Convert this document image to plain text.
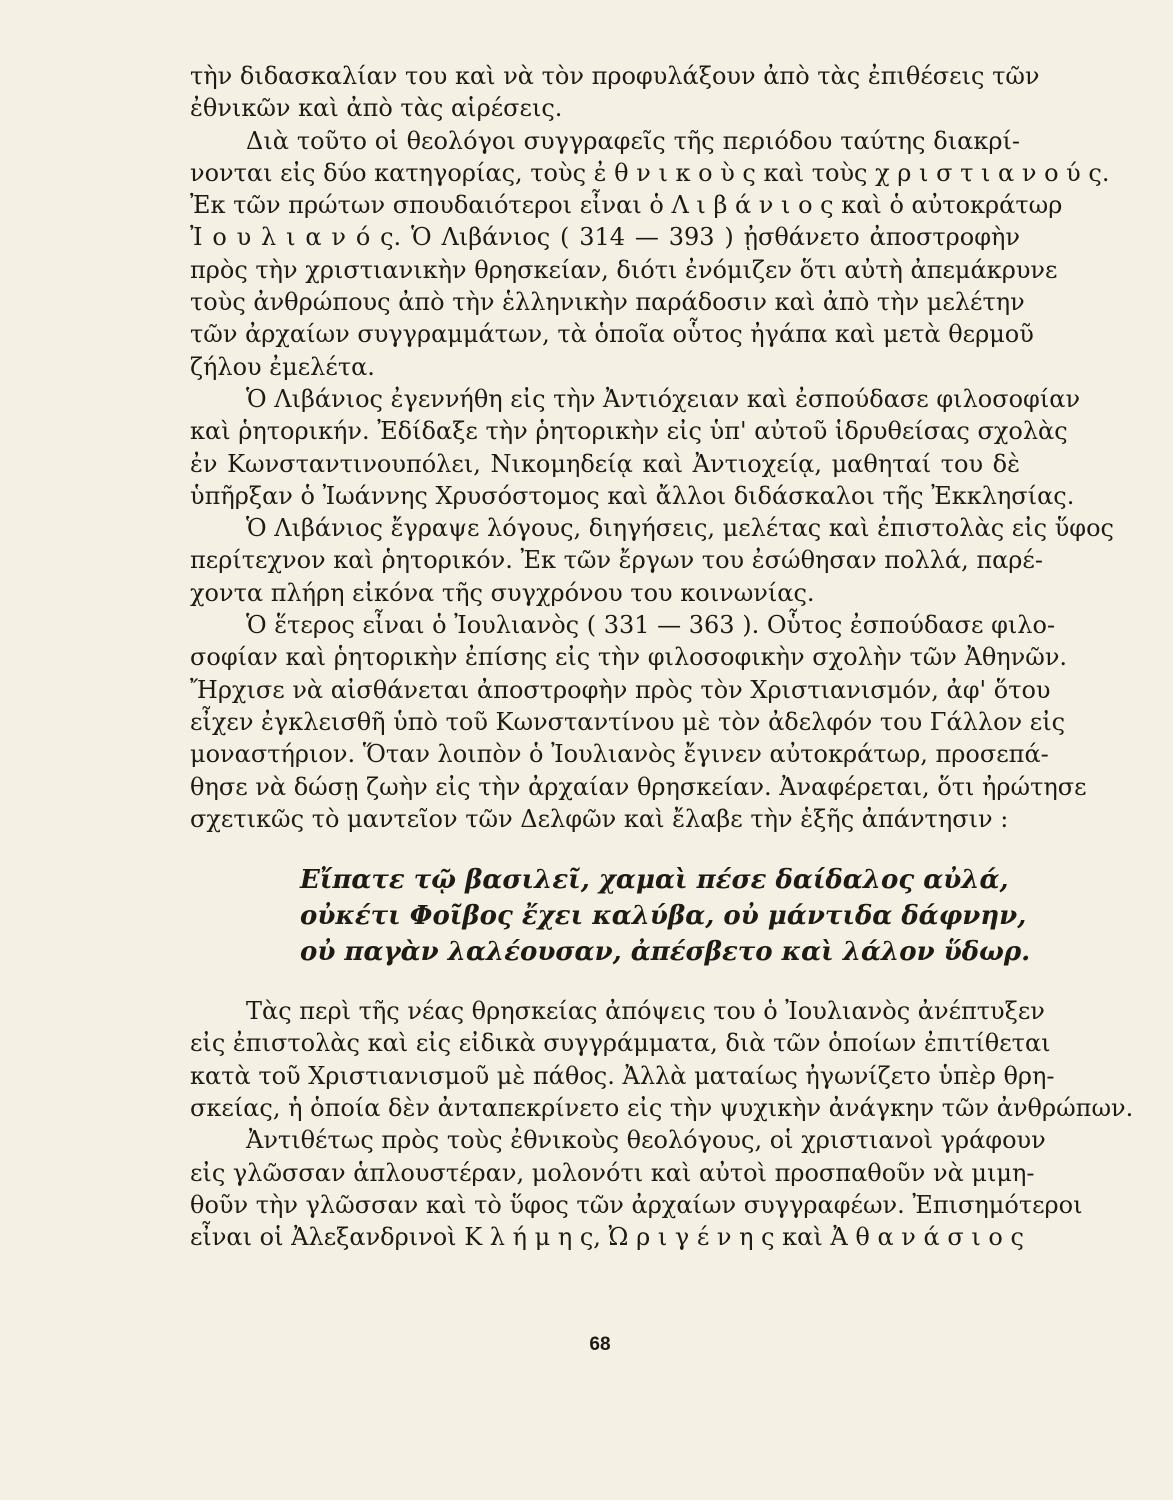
τὴν διδασκαλίαν του καὶ νὰ τὸν προφυλάξουν ἀπὸ τὰς ἐπιθέσεις τῶν
ἐθνικῶν καὶ ἀπὸ τὰς αἱρέσεις.
Διὰ τοῦτο οἱ θεολόγοι συγγραφεῖς τῆς περιόδου ταύτης διακρί-
νονται εἰς δύο κατηγορίας, τοὺς ἐ θ ν ι κ ο ὺ ς καὶ τοὺς χ ρ ι σ τ ι α ν ο ύ ς.
Ἐκ τῶν πρώτων σπουδαιότεροι εἶναι ὁ Λ ι β ά ν ι ο ς καὶ ὁ αὐτοκράτωρ
Ἰ ο υ λ ι α ν ό ς. Ὁ Λιβάνιος ( 314 — 393 ) ᾐσθάνετο ἀποστροφὴν
πρὸς τὴν χριστιανικὴν θρησκείαν, διότι ἐνόμιζεν ὅτι αὐτὴ ἀπεμάκρυνε
τοὺς ἀνθρώπους ἀπὸ τὴν ἑλληνικὴν παράδοσιν καὶ ἀπὸ τὴν μελέτην
τῶν ἀρχαίων συγγραμμάτων, τὰ ὁποῖα οὗτος ἠγάπα καὶ μετὰ θερμοῦ
ζήλου ἐμελέτα.
Ὁ Λιβάνιος ἐγεννήθη εἰς τὴν Ἀντιόχειαν καὶ ἐσπούδασε φιλοσοφίαν
καὶ ῥητορικήν. Ἐδίδαξε τὴν ῥητορικὴν εἰς ὑπ' αὐτοῦ ἱδρυθείσας σχολὰς
ἐν Κωνσταντινουπόλει, Νικομηδείᾳ καὶ Ἀντιοχείᾳ, μαθηταί του δὲ
ὑπῆρξαν ὁ Ἰωάννης Χρυσόστομος καὶ ἄλλοι διδάσκαλοι τῆς Ἐκκλησίας.
Ὁ Λιβάνιος ἔγραψε λόγους, διηγήσεις, μελέτας καὶ ἐπιστολὰς εἰς ὕφος
περίτεχνον καὶ ῥητορικόν. Ἐκ τῶν ἔργων του ἐσώθησαν πολλά, παρέ-
χοντα πλήρη εἰκόνα τῆς συγχρόνου του κοινωνίας.
Ὁ ἕτερος εἶναι ὁ Ἰουλιανὸς ( 331 — 363 ). Οὗτος ἐσπούδασε φιλο-
σοφίαν καὶ ῥητορικὴν ἐπίσης εἰς τὴν φιλοσοφικὴν σχολὴν τῶν Ἀθηνῶν.
Ἤρχισε νὰ αἰσθάνεται ἀποστροφὴν πρὸς τὸν Χριστιανισμόν, ἀφ' ὅτου
εἶχεν ἐγκλεισθῆ ὑπὸ τοῦ Κωνσταντίνου μὲ τὸν ἀδελφόν του Γάλλον εἰς
μοναστήριον. Ὅταν λοιπὸν ὁ Ἰουλιανὸς ἔγινεν αὐτοκράτωρ, προσεπά-
θησε νὰ δώσῃ ζωὴν εἰς τὴν ἀρχαίαν θρησκείαν. Ἀναφέρεται, ὅτι ἠρώτησε
σχετικῶς τὸ μαντεῖον τῶν Δελφῶν καὶ ἔλαβε τὴν ἑξῆς ἀπάντησιν :
Εἴπατε τῷ βασιλεῖ, χαμαὶ πέσε δαίδαλος αὐλά,
οὐκέτι Φοῖβος ἔχει καλύβα, οὐ μάντιδα δάφνην,
οὐ παγὰν λαλέουσαν, ἀπέσβετο καὶ λάλον ὕδωρ.
Τὰς περὶ τῆς νέας θρησκείας ἀπόψεις του ὁ Ἰουλιανὸς ἀνέπτυξεν
εἰς ἐπιστολὰς καὶ εἰς εἰδικὰ συγγράμματα, διὰ τῶν ὁποίων ἐπιτίθεται
κατὰ τοῦ Χριστιανισμοῦ μὲ πάθος. Ἀλλὰ ματαίως ἠγωνίζετο ὑπὲρ θρη-
σκείας, ἡ ὁποία δὲν ἀνταπεκρίνετο εἰς τὴν ψυχικὴν ἀνάγκην τῶν ἀνθρώπων.
Ἀντιθέτως πρὸς τοὺς ἐθνικοὺς θεολόγους, οἱ χριστιανοὶ γράφουν
εἰς γλῶσσαν ἁπλουστέραν, μολονότι καὶ αὐτοὶ προσπαθοῦν νὰ μιμη-
θοῦν τὴν γλῶσσαν καὶ τὸ ὕφος τῶν ἀρχαίων συγγραφέων. Ἐπισημότεροι
εἶναι οἱ Ἀλεξανδρινοὶ Κ λ ή μ η ς, Ὠ ρ ι γ έ ν η ς καὶ Ἀ θ α ν ά σ ι ο ς
68
